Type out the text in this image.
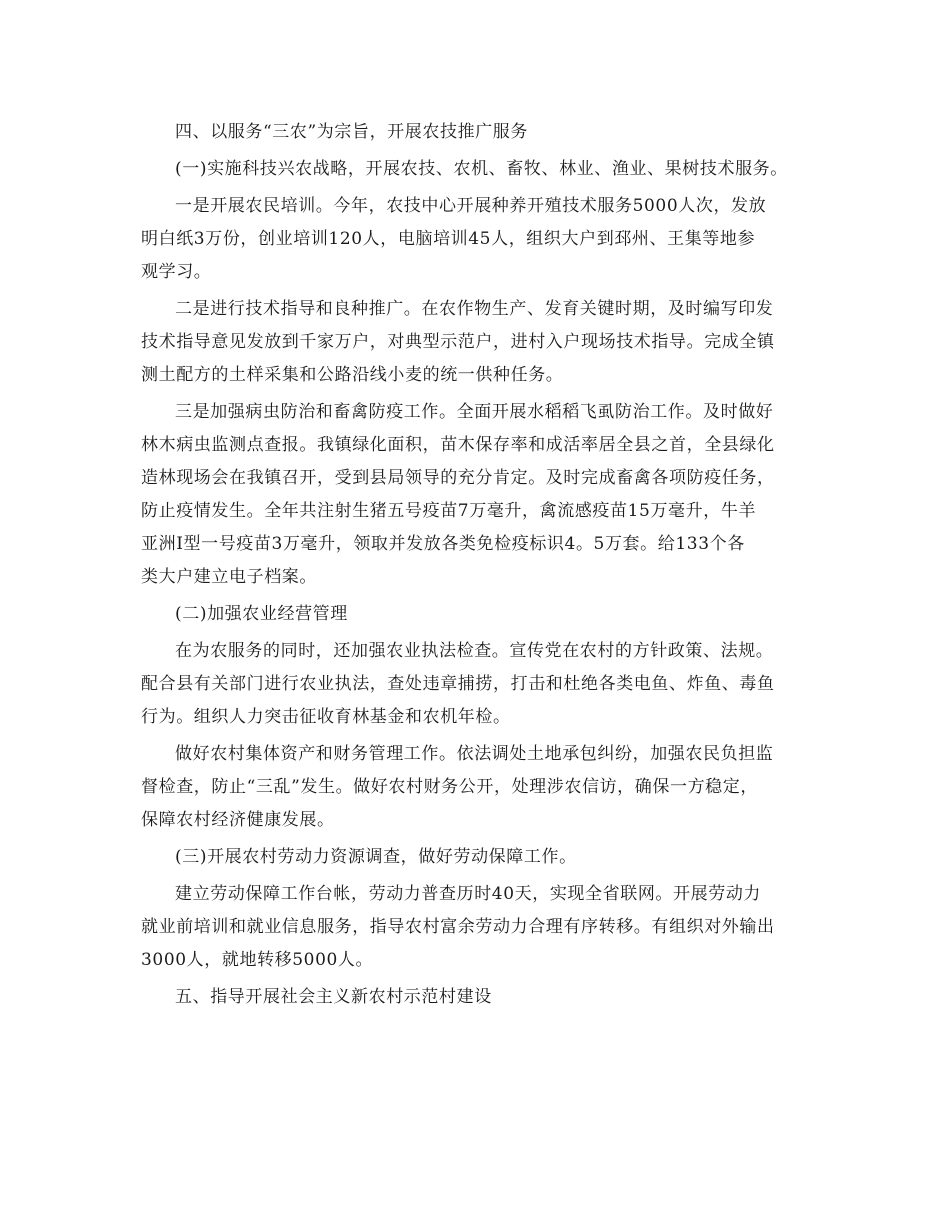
四、以服务“三农”为宗旨，开展农技推广服务

(一)实施科技兴农战略，开展农技、农机、畜牧、林业、渔业、果树技术服务。

一是开展农民培训。今年，农技中心开展种养开殖技术服务5000人次，发放
明白纸3万份，创业培训120人，电脑培训45人，组织大户到邳州、王集等地参
观学习。

二是进行技术指导和良种推广。在农作物生产、发育关键时期，及时编写印发
技术指导意见发放到千家万户，对典型示范户，进村入户现场技术指导。完成全镇
测土配方的土样采集和公路沿线小麦的统一供种任务。

三是加强病虫防治和畜禽防疫工作。全面开展水稻稻飞虱防治工作。及时做好
林木病虫监测点查报。我镇绿化面积，苗木保存率和成活率居全县之首，全县绿化
造林现场会在我镇召开，受到县局领导的充分肯定。及时完成畜禽各项防疫任务，
防止疫情发生。全年共注射生猪五号疫苗7万毫升，禽流感疫苗15万毫升，牛羊
亚洲Ⅰ型一号疫苗3万毫升，领取并发放各类免检疫标识4。5万套。给133个各
类大户建立电子档案。

(二)加强农业经营管理

在为农服务的同时，还加强农业执法检查。宣传党在农村的方针政策、法规。
配合县有关部门进行农业执法，查处违章捕捞，打击和杜绝各类电鱼、炸鱼、毒鱼
行为。组织人力突击征收育林基金和农机年检。

做好农村集体资产和财务管理工作。依法调处土地承包纠纷，加强农民负担监
督检查，防止“三乱”发生。做好农村财务公开，处理涉农信访，确保一方稳定，
保障农村经济健康发展。

(三)开展农村劳动力资源调查，做好劳动保障工作。

建立劳动保障工作台帐，劳动力普查历时40天，实现全省联网。开展劳动力
就业前培训和就业信息服务，指导农村富余劳动力合理有序转移。有组织对外输出
3000人，就地转移5000人。

五、指导开展社会主义新农村示范村建设
